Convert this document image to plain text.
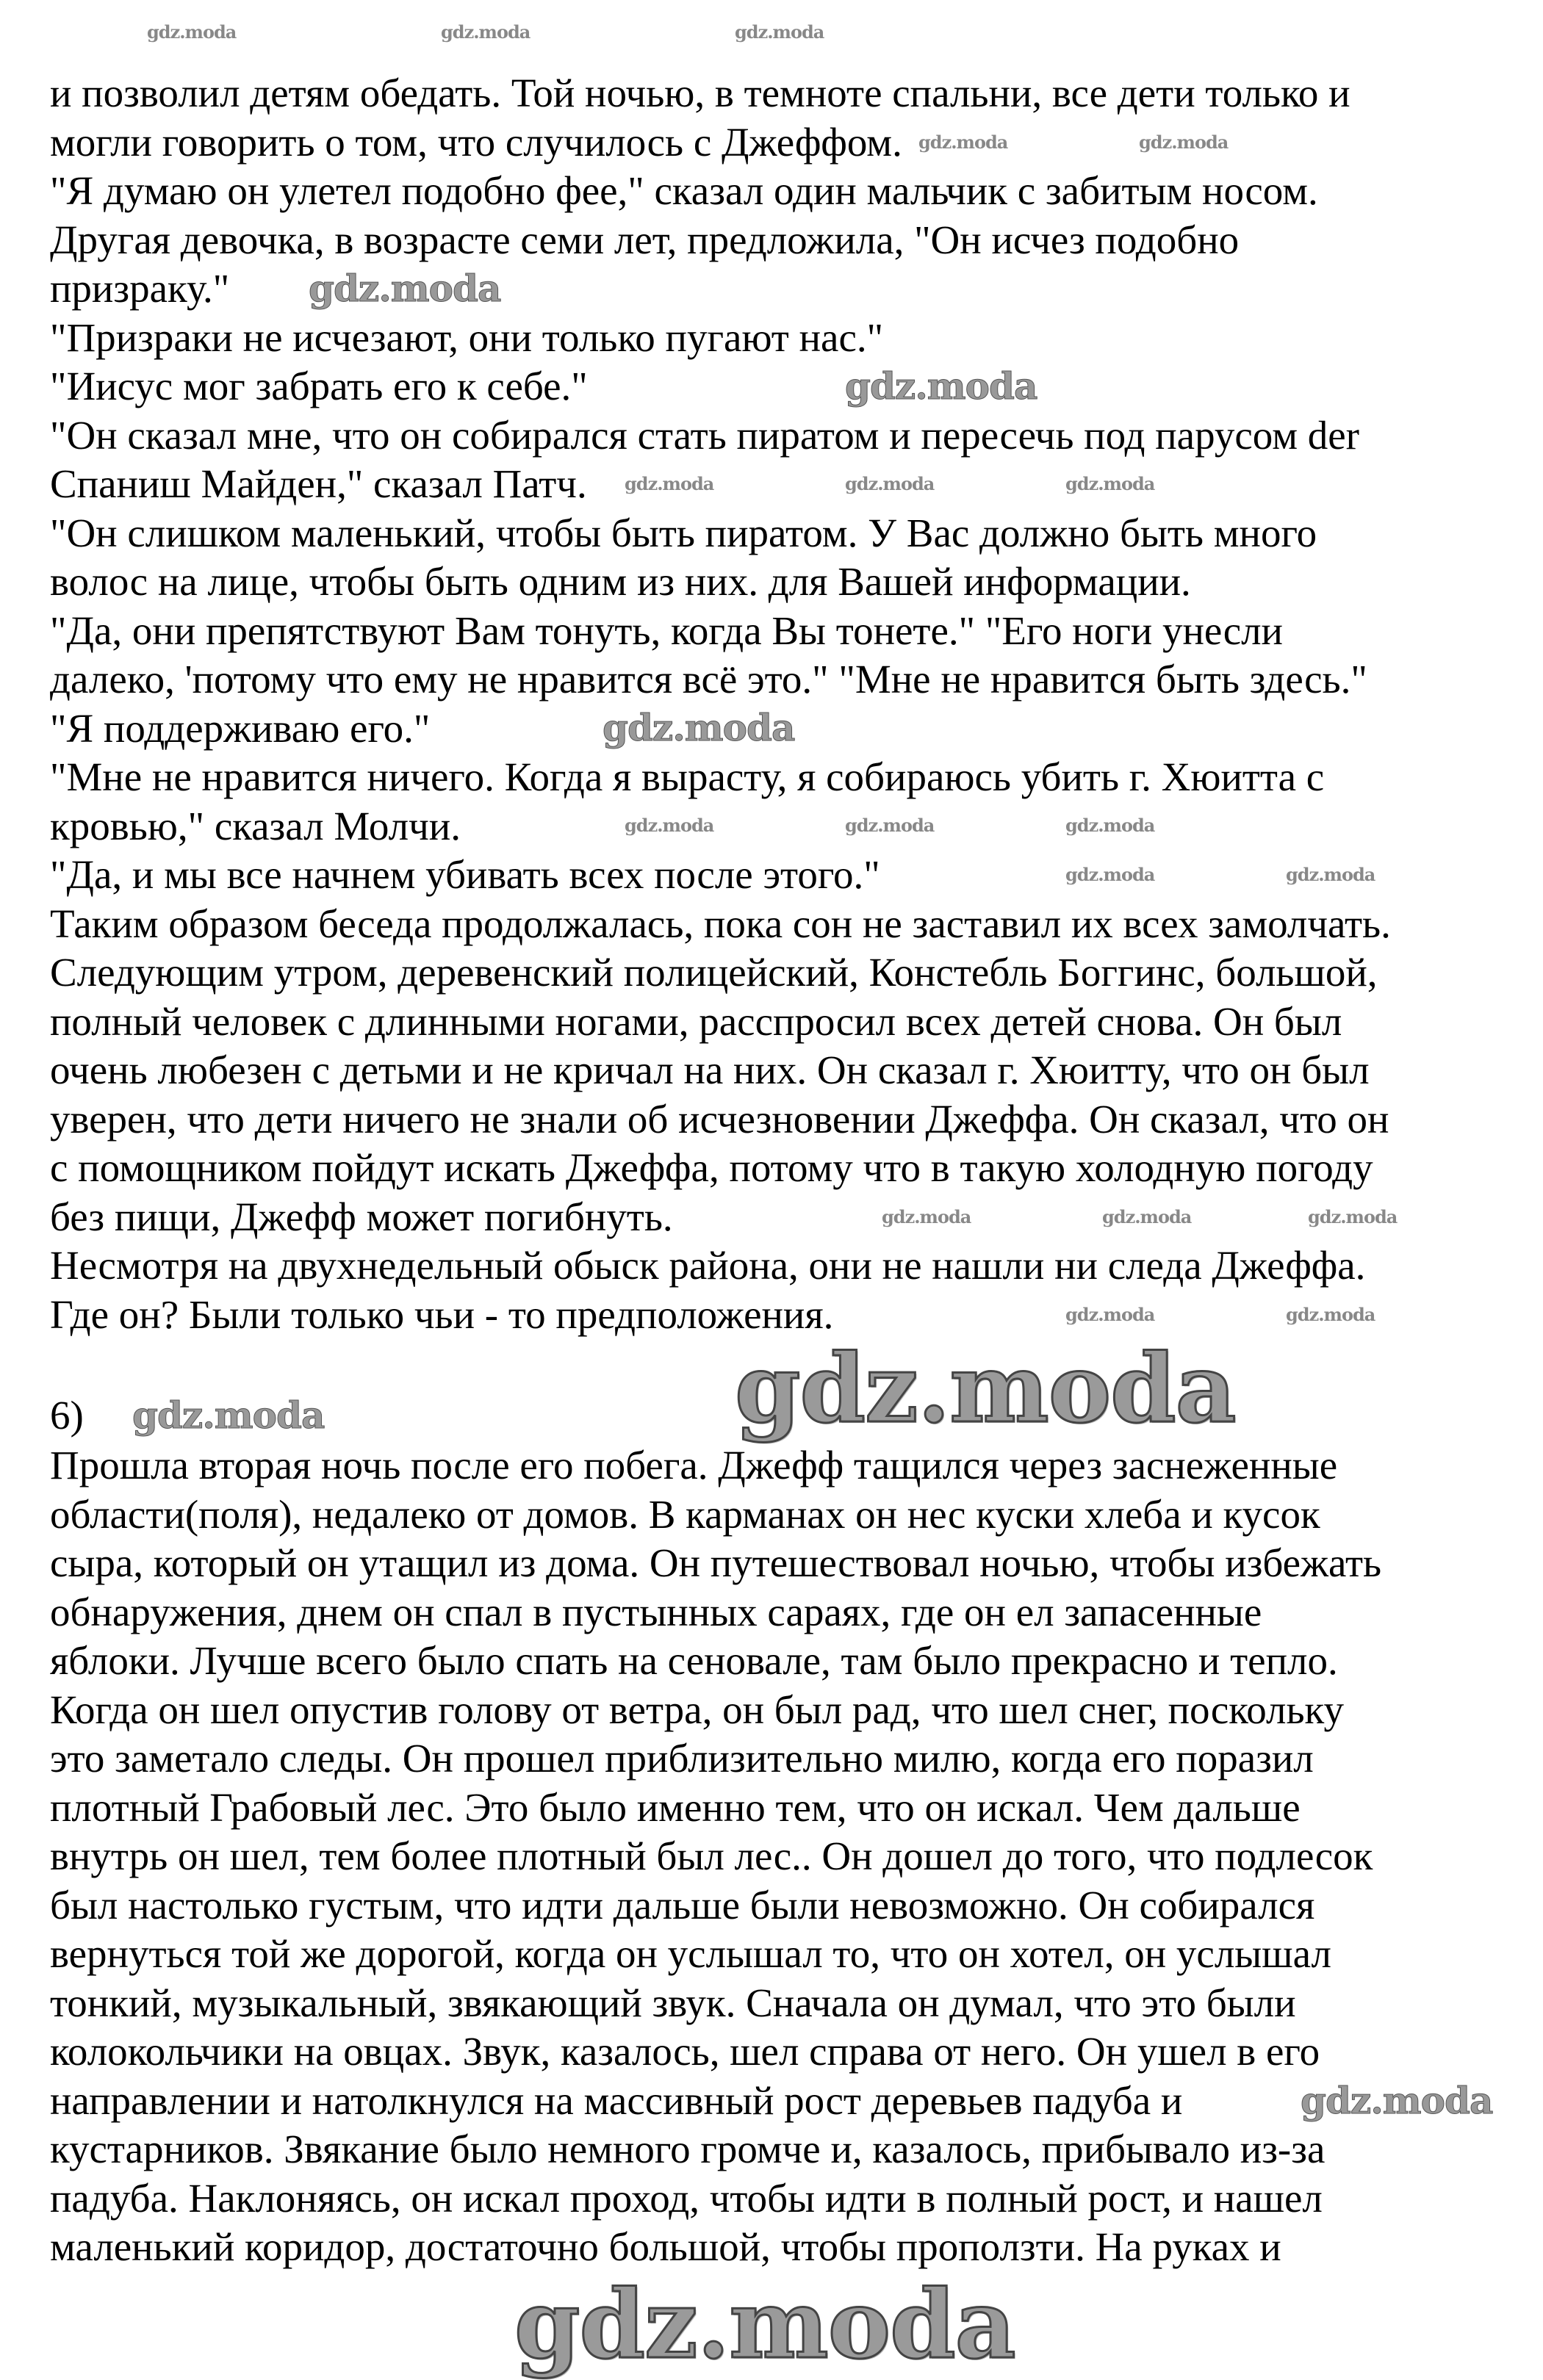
и позволил детям обедать. Той ночью, в темноте спальни, все дети только и
могли говорить о том, что случилось с Джеффом.
"Я думаю он улетел подобно фее," сказал один мальчик с забитым носом.
Другая девочка, в возрасте семи лет, предложила, "Он исчез подобно
призраку."
"Призраки не исчезают, они только пугают нас."
"Иисус мог забрать его к себе."
"Он сказал мне, что он собирался стать пиратом и пересечь под парусом der
Спаниш Майден," сказал Патч.
"Он слишком маленький, чтобы быть пиратом. У Вас должно быть много
волос на лице, чтобы быть одним из них. для Вашей информации.
"Да, они препятствуют Вам тонуть, когда Вы тонете." "Его ноги унесли
далеко, 'потому что ему не нравится всё это." "Мне не нравится быть здесь."
"Я поддерживаю его."
"Мне не нравится ничего. Когда я вырасту, я собираюсь убить г. Хюитта с
кровью," сказал Молчи.
"Да, и мы все начнем убивать всех после этого."
Таким образом беседа продолжалась, пока сон не заставил их всех замолчать.
Следующим утром, деревенский полицейский, Констебль Боггинс, большой,
полный человек с длинными ногами, расспросил всех детей снова. Он был
очень любезен с детьми и не кричал на них. Он сказал г. Хюитту, что он был
уверен, что дети ничего не знали об исчезновении Джеффа. Он сказал, что он
с помощником пойдут искать Джеффа, потому что в такую холодную погоду
без пищи, Джефф может погибнуть.
Несмотря на двухнедельный обыск района, они не нашли ни следа Джеффа.
Где он? Были только чьи - то предположения.
6)
Прошла вторая ночь после его побега. Джефф тащился через заснеженные
области(поля), недалеко от домов. В карманах он нес куски хлеба и кусок
сыра, который он утащил из дома. Он путешествовал ночью, чтобы избежать
обнаружения, днем он спал в пустынных сараях, где он ел запасенные
яблоки. Лучше всего было спать на сеновале, там было прекрасно и тепло.
Когда он шел опустив голову от ветра, он был рад, что шел снег, поскольку
это заметало следы. Он прошел приблизительно милю, когда его поразил
плотный Грабовый лес. Это было именно тем, что он искал. Чем дальше
внутрь он шел, тем более плотный был лес.. Он дошел до того, что подлесок
был настолько густым, что идти дальше были невозможно. Он собирался
вернуться той же дорогой, когда он услышал то, что он хотел, он услышал
тонкий, музыкальный, звякающий звук. Сначала он думал, что это были
колокольчики на овцах. Звук, казалось, шел справа от него. Он ушел в его
направлении и натолкнулся на массивный рост деревьев падуба и
кустарников. Звякание было немного громче и, казалось, прибывало из-за
падуба. Наклоняясь, он искал проход, чтобы идти в полный рост, и нашел
маленький коридор, достаточно большой, чтобы проползти. На руках и
gdz.moda
gdz.moda
gdz.moda
gdz.moda
gdz.moda
gdz.moda
gdz.moda
gdz.moda	gdz.moda	gdz.moda
gdz.moda	gdz.moda
gdz.moda	gdz.moda	gdz.moda
gdz.moda	gdz.moda	gdz.moda
gdz.moda	gdz.moda
gdz.moda	gdz.moda	gdz.moda
gdz.moda	gdz.moda
